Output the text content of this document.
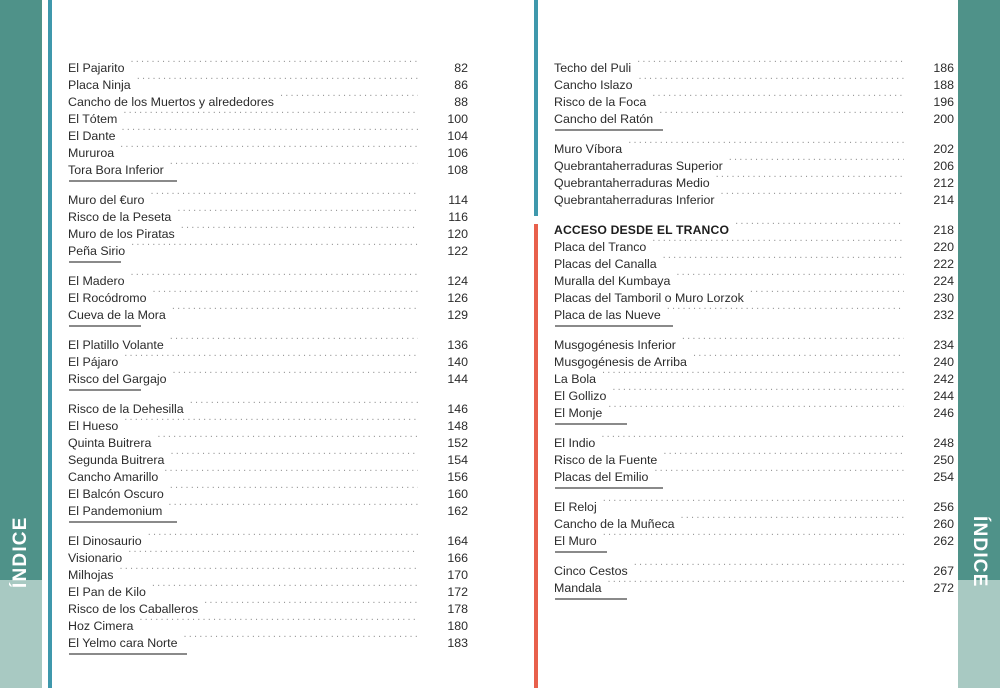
ÍNDICE	ÍNDICE
El Pajarito .....	82
Placa Ninja .....	86
Cancho de los Muertos y alrededores .....	88
El Tótem .....	100
El Dante .....	104
Mururoa .....	106
Tora Bora Inferior .....	108
Muro del €uro .....	114
Risco de la Peseta .....	116
Muro de los Piratas .....	120
Peña Sirio .....	122
El Madero .....	124
El Rocódromo .....	126
Cueva de la Mora .....	129
El Platillo Volante .....	136
El Pájaro .....	140
Risco del Gargajo .....	144
Risco de la Dehesilla .....	146
El Hueso .....	148
Quinta Buitrera .....	152
Segunda Buitrera .....	154
Cancho Amarillo .....	156
El Balcón Oscuro .....	160
El Pandemonium .....	162
El Dinosaurio .....	164
Visionario .....	166
Milhojas .....	170
El Pan de Kilo .....	172
Risco de los Caballeros .....	178
Hoz Cimera .....	180
El Yelmo cara Norte .....	183
Techo del Puli .....	186
Cancho Islazo .....	188
Risco de la Foca .....	196
Cancho del Ratón .....	200
Muro Víbora .....	202
Quebrantaherraduras Superior .....	206
Quebrantaherraduras Medio .....	212
Quebrantaherraduras Inferior .....	214
ACCESO DESDE EL TRANCO .....	218
Placa del Tranco .....	220
Placas del Canalla .....	222
Muralla del Kumbaya .....	224
Placas del Tamboril o Muro Lorzok .....	230
Placa de las Nueve .....	232
Musgogénesis Inferior .....	234
Musgogénesis de Arriba .....	240
La Bola .....	242
El Gollizo .....	244
El Monje .....	246
El Indio .....	248
Risco de la Fuente .....	250
Placas del Emilio .....	254
El Reloj .....	256
Cancho de la Muñeca .....	260
El Muro .....	262
Cinco Cestos .....	267
Mandala .....	272
